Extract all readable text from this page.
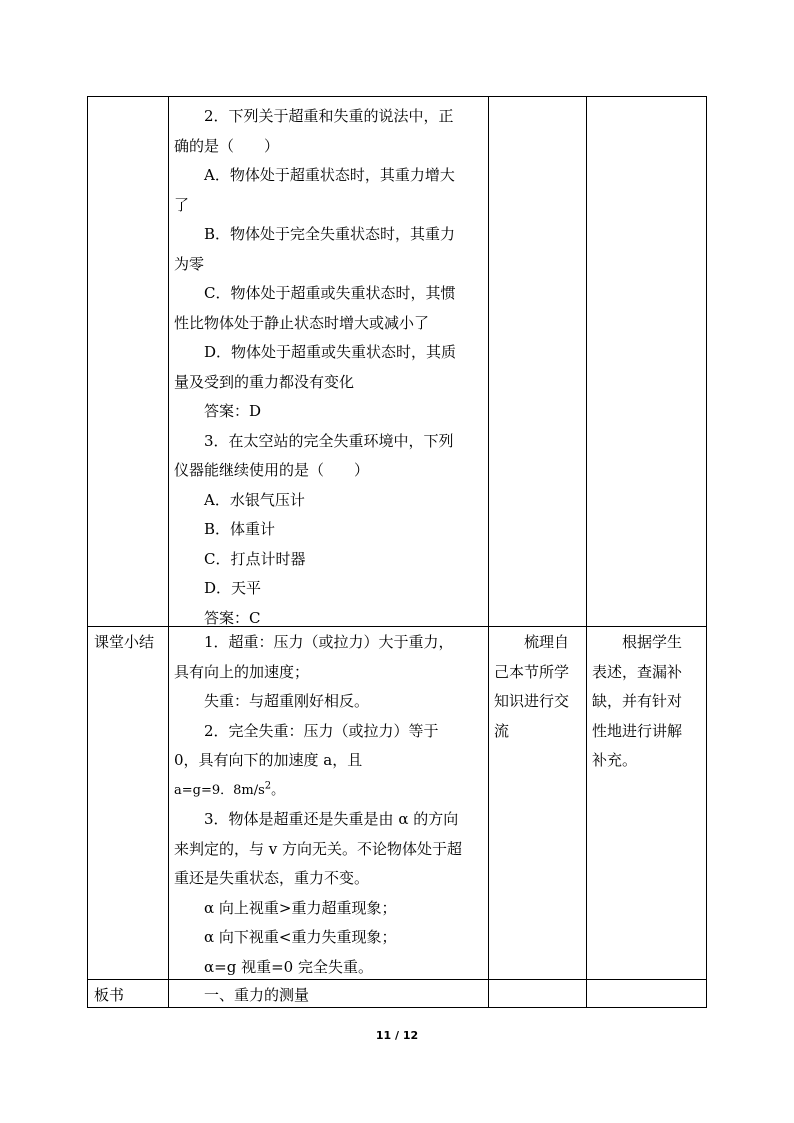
2．下列关于超重和失重的说法中，正
确的是（　　）
A．物体处于超重状态时，其重力增大
了
B．物体处于完全失重状态时，其重力
为零
C．物体处于超重或失重状态时，其惯
性比物体处于静止状态时增大或减小了
D．物体处于超重或失重状态时，其质
量及受到的重力都没有变化
答案：D
3．在太空站的完全失重环境中，下列
仪器能继续使用的是（　　）
A．水银气压计
B．体重计
C．打点计时器
D．天平
答案：C
课堂小结	1．超重：压力（或拉力）大于重力，
具有向上的加速度；
失重：与超重刚好相反。
2．完全失重：压力（或拉力）等于
0，具有向下的加速度 a，且
a=g=9．$8m/s^2$。
3．物体是超重还是失重是由 α 的方向
来判定的，与 v 方向无关。不论物体处于超
重还是失重状态，重力不变。
α 向上视重>重力超重现象；
α 向下视重<重力失重现象；
α=g 视重=0 完全失重。
梳理自
己本节所学
知识进行交
流
根据学生
表述，查漏补
缺，并有针对
性地进行讲解
补充。
板书	一、重力的测量
11 / 12
